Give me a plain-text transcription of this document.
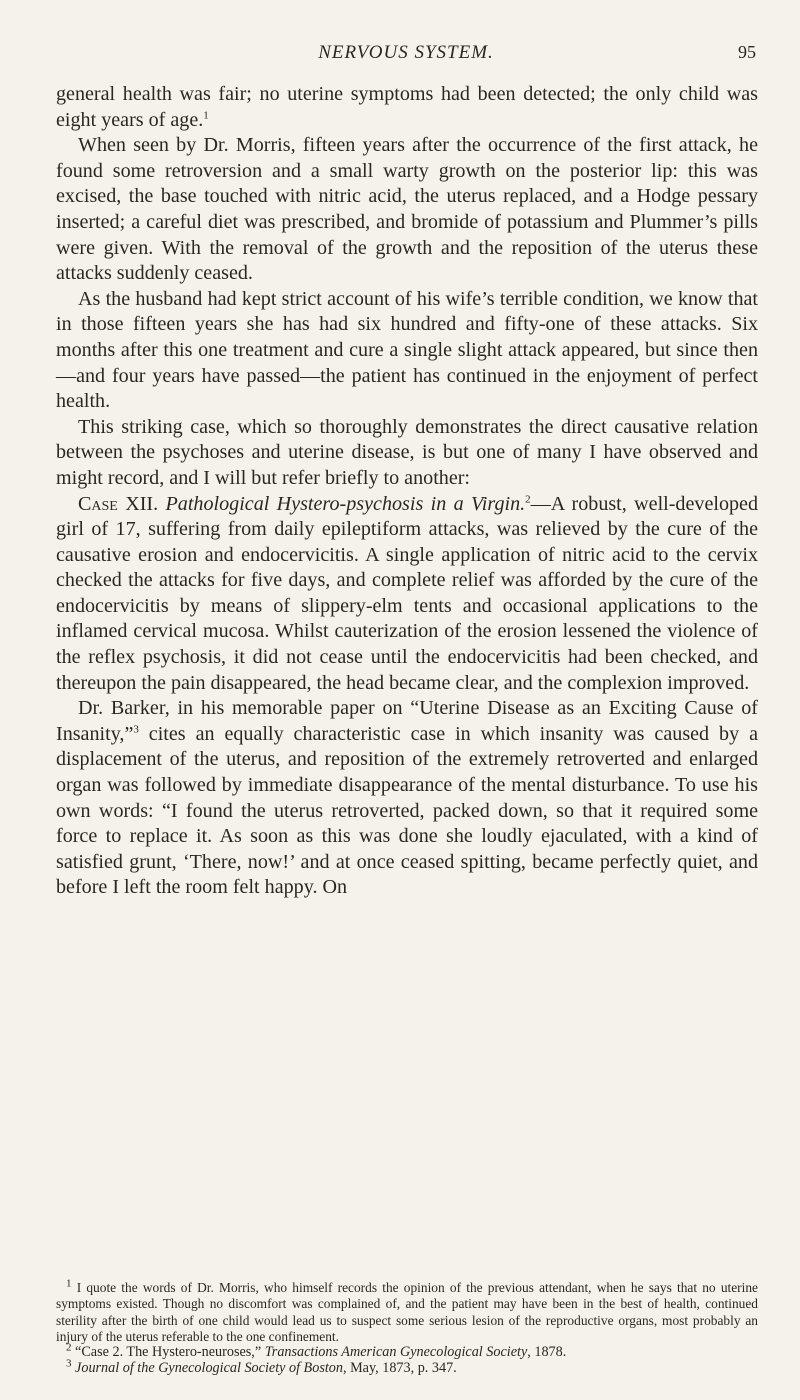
NERVOUS SYSTEM.	95

general health was fair; no uterine symptoms had been detected; the only child was eight years of age.$^1$

When seen by Dr. Morris, fifteen years after the occurrence of the first attack, he found some retroversion and a small warty growth on the posterior lip: this was excised, the base touched with nitric acid, the uterus replaced, and a Hodge pessary inserted; a careful diet was prescribed, and bromide of potassium and Plummer’s pills were given. With the removal of the growth and the reposition of the uterus these attacks suddenly ceased.

As the husband had kept strict account of his wife’s terrible condition, we know that in those fifteen years she has had six hundred and fifty-one of these attacks. Six months after this one treatment and cure a single slight attack appeared, but since then—and four years have passed—the patient has continued in the enjoyment of perfect health.

This striking case, which so thoroughly demonstrates the direct causative relation between the psychoses and uterine disease, is but one of many I have observed and might record, and I will but refer briefly to another:

Case XII. Pathological Hystero-psychosis in a Virgin.$^2$—A robust, well-developed girl of 17, suffering from daily epileptiform attacks, was relieved by the cure of the causative erosion and endocervicitis. A single application of nitric acid to the cervix checked the attacks for five days, and complete relief was afforded by the cure of the endocervicitis by means of slippery-elm tents and occasional applications to the inflamed cervical mucosa. Whilst cauterization of the erosion lessened the violence of the reflex psychosis, it did not cease until the endocervicitis had been checked, and thereupon the pain disappeared, the head became clear, and the complexion improved.

Dr. Barker, in his memorable paper on “Uterine Disease as an Exciting Cause of Insanity,”$^3$ cites an equally characteristic case in which insanity was caused by a displacement of the uterus, and reposition of the extremely retroverted and enlarged organ was followed by immediate disappearance of the mental disturbance. To use his own words: “I found the uterus retroverted, packed down, so that it required some force to replace it. As soon as this was done she loudly ejaculated, with a kind of satisfied grunt, ‘There, now!’ and at once ceased spitting, became perfectly quiet, and before I left the room felt happy. On

$^1$ I quote the words of Dr. Morris, who himself records the opinion of the previous attendant, when he says that no uterine symptoms existed. Though no discomfort was complained of, and the patient may have been in the best of health, continued sterility after the birth of one child would lead us to suspect some serious lesion of the reproductive organs, most probably an injury of the uterus referable to the one confinement.

$^2$ “Case 2. The Hystero-neuroses,” Transactions American Gynecological Society, 1878.

$^3$ Journal of the Gynecological Society of Boston, May, 1873, p. 347.
